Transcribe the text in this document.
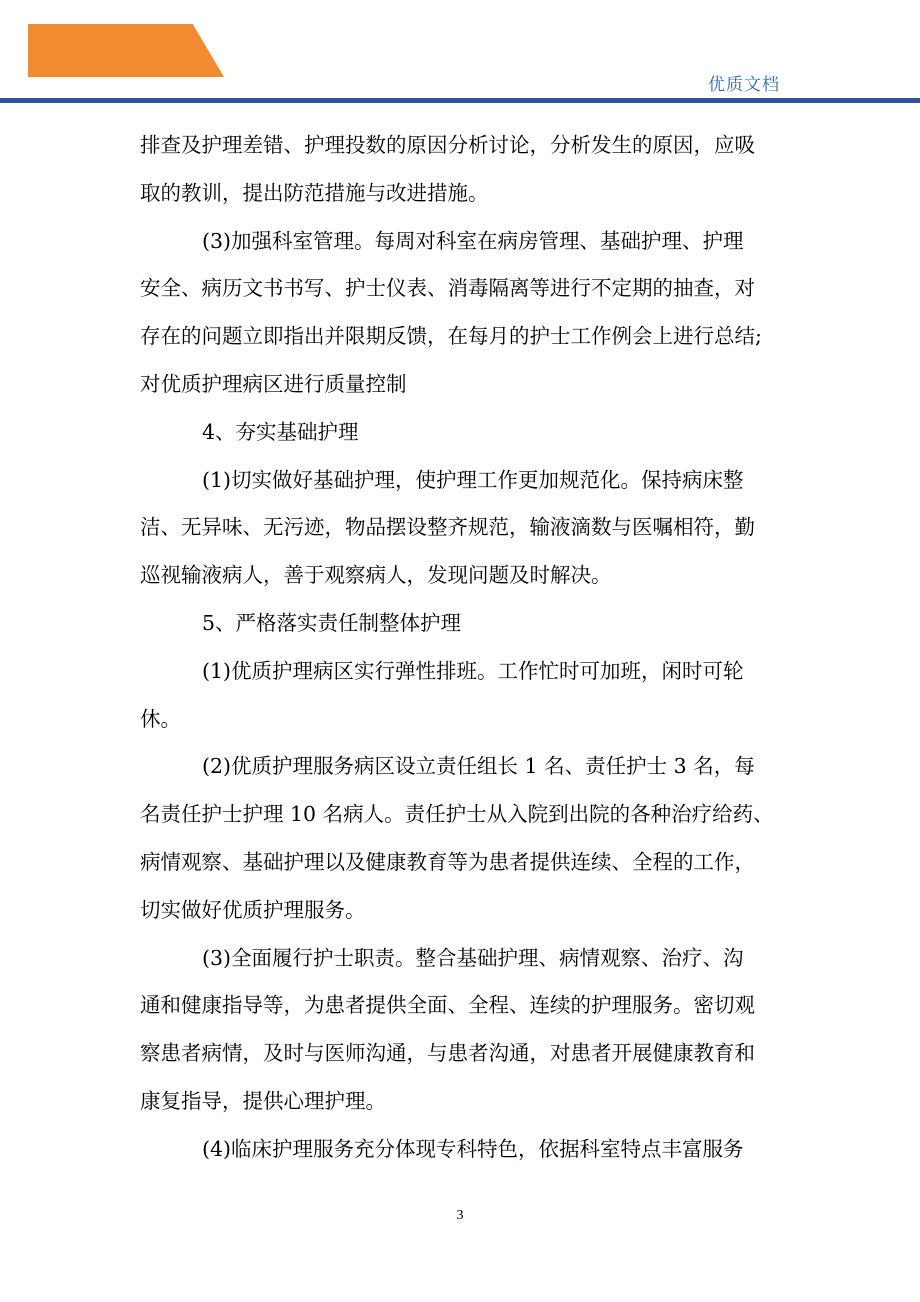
优质文档
排查及护理差错、护理投数的原因分析讨论，分析发生的原因，应吸
取的教训，提出防范措施与改进措施。
(3)加强科室管理。每周对科室在病房管理、基础护理、护理
安全、病历文书书写、护士仪表、消毒隔离等进行不定期的抽查，对
存在的问题立即指出并限期反馈，在每月的护士工作例会上进行总结;
对优质护理病区进行质量控制
4、夯实基础护理
(1)切实做好基础护理，使护理工作更加规范化。保持病床整
洁、无异味、无污迹，物品摆设整齐规范，输液滴数与医嘱相符，勤
巡视输液病人，善于观察病人，发现问题及时解决。
5、严格落实责任制整体护理
(1)优质护理病区实行弹性排班。工作忙时可加班，闲时可轮
休。
(2)优质护理服务病区设立责任组长 1 名、责任护士 3 名，每
名责任护士护理 10 名病人。责任护士从入院到出院的各种治疗给药、
病情观察、基础护理以及健康教育等为患者提供连续、全程的工作，
切实做好优质护理服务。
(3)全面履行护士职责。整合基础护理、病情观察、治疗、沟
通和健康指导等，为患者提供全面、全程、连续的护理服务。密切观
察患者病情，及时与医师沟通，与患者沟通，对患者开展健康教育和
康复指导，提供心理护理。
(4)临床护理服务充分体现专科特色，依据科室特点丰富服务
3
